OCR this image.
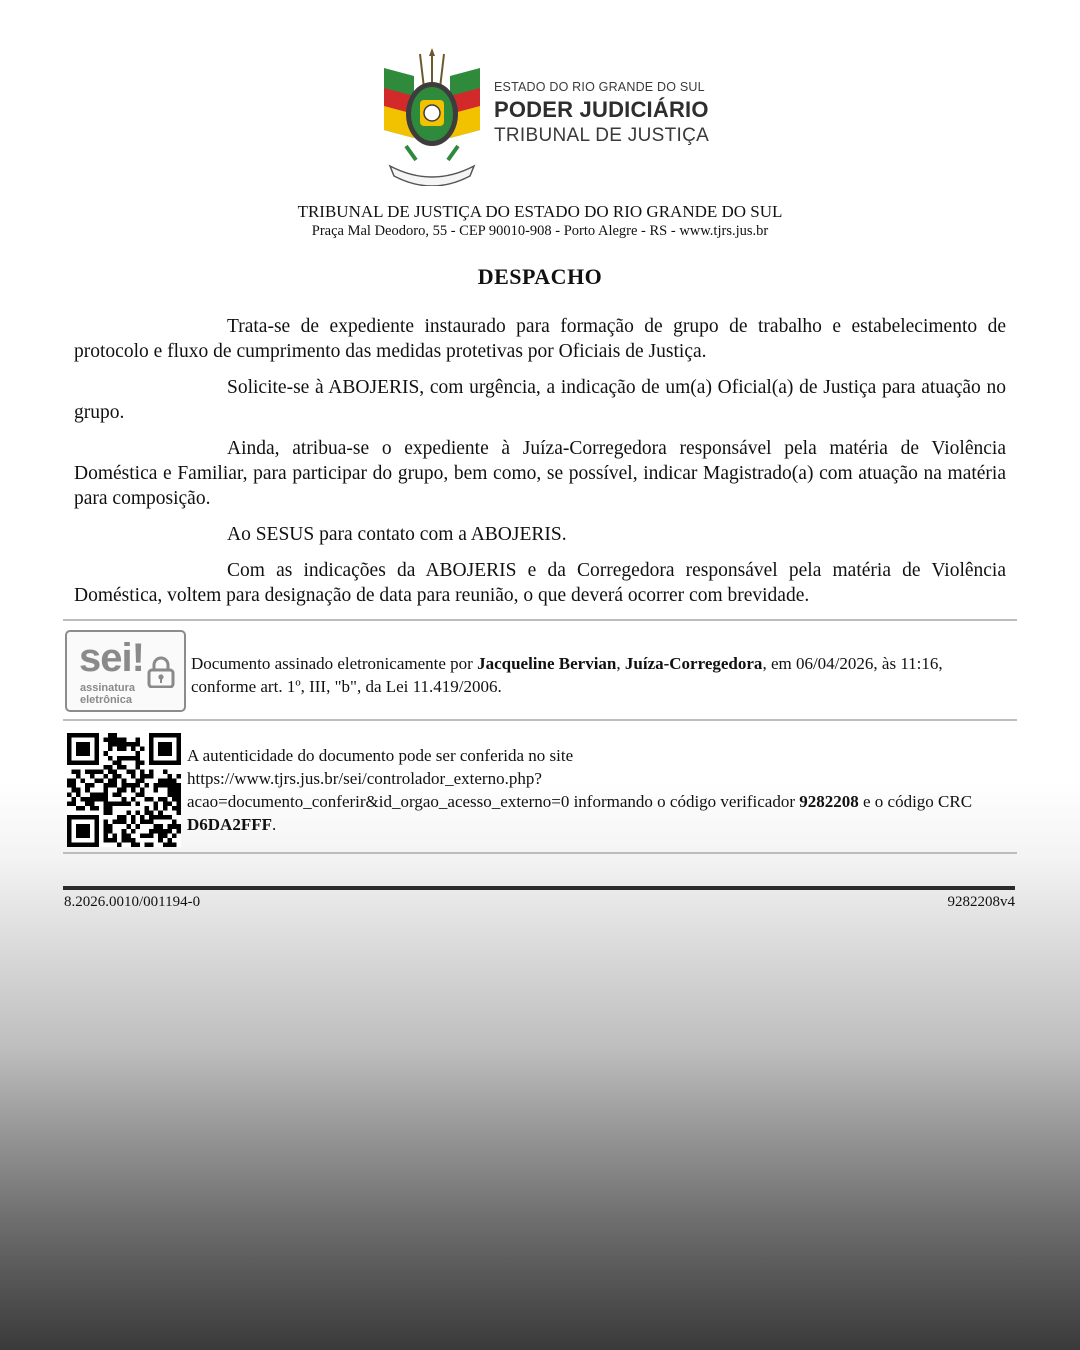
ESTADO DO RIO GRANDE DO SUL
PODER JUDICIÁRIO
TRIBUNAL DE JUSTIÇA
TRIBUNAL DE JUSTIÇA DO ESTADO DO RIO GRANDE DO SUL
Praça Mal Deodoro, 55 - CEP 90010-908 - Porto Alegre - RS - www.tjrs.jus.br
DESPACHO

Trata-se de expediente instaurado para formação de grupo de trabalho e estabelecimento de protocolo e fluxo de cumprimento das medidas protetivas por Oficiais de Justiça.

Solicite-se à ABOJERIS, com urgência, a indicação de um(a) Oficial(a) de Justiça para atuação no grupo.

Ainda, atribua-se o expediente à Juíza-Corregedora responsável pela matéria de Violência Doméstica e Familiar, para participar do grupo, bem como, se possível, indicar Magistrado(a) com atuação na matéria para composição.

Ao SESUS para contato com a ABOJERIS.

Com as indicações da ABOJERIS e da Corregedora responsável pela matéria de Violência Doméstica, voltem para designação de data para reunião, o que deverá ocorrer com brevidade.

sei!
assinatura
eletrônica
Documento assinado eletronicamente por Jacqueline Bervian, Juíza-Corregedora, em 06/04/2026, às 11:16, conforme art. 1º, III, "b", da Lei 11.419/2006.
A autenticidade do documento pode ser conferida no site
https://www.tjrs.jus.br/sei/controlador_externo.php?
acao=documento_conferir&id_orgao_acesso_externo=0 informando o código verificador 9282208 e o código CRC D6DA2FFF.
8.2026.0010/001194-0	9282208v4
